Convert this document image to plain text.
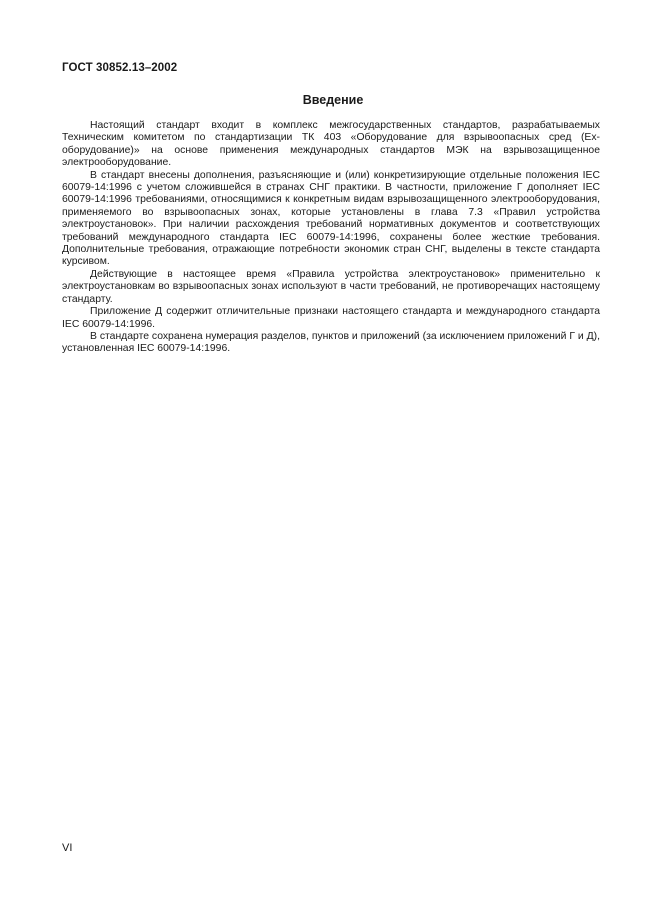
ГОСТ 30852.13–2002
Введение

Настоящий стандарт входит в комплекс межгосударственных стандартов, разрабатываемых Техническим комитетом по стандартизации ТК 403 «Оборудование для взрывоопасных сред (Ex-оборудование)» на основе применения международных стандартов МЭК на взрывозащищенное электрооборудование.

В стандарт внесены дополнения, разъясняющие и (или) конкретизирующие отдельные положения IEC 60079-14:1996 с учетом сложившейся в странах СНГ практики. В частности, приложение Г дополняет IEC 60079-14:1996 требованиями, относящимися к конкретным видам взрывозащищенного электрооборудования, применяемого во взрывоопасных зонах, которые установлены в глава 7.3 «Правил устройства электроустановок». При наличии расхождения требований нормативных документов и соответствующих требований международного стандарта IEC 60079-14:1996, сохранены более жесткие требования. Дополнительные требования, отражающие потребности экономик стран СНГ, выделены в тексте стандарта курсивом.

Действующие в настоящее время «Правила устройства электроустановок» применительно к электроустановкам во взрывоопасных зонах используют в части требований, не противоречащих настоящему стандарту.

Приложение Д содержит отличительные признаки настоящего стандарта и международного стандарта IEC 60079-14:1996.

В стандарте сохранена нумерация разделов, пунктов и приложений (за исключением приложений Г и Д), установленная IEC 60079-14:1996.

VI
